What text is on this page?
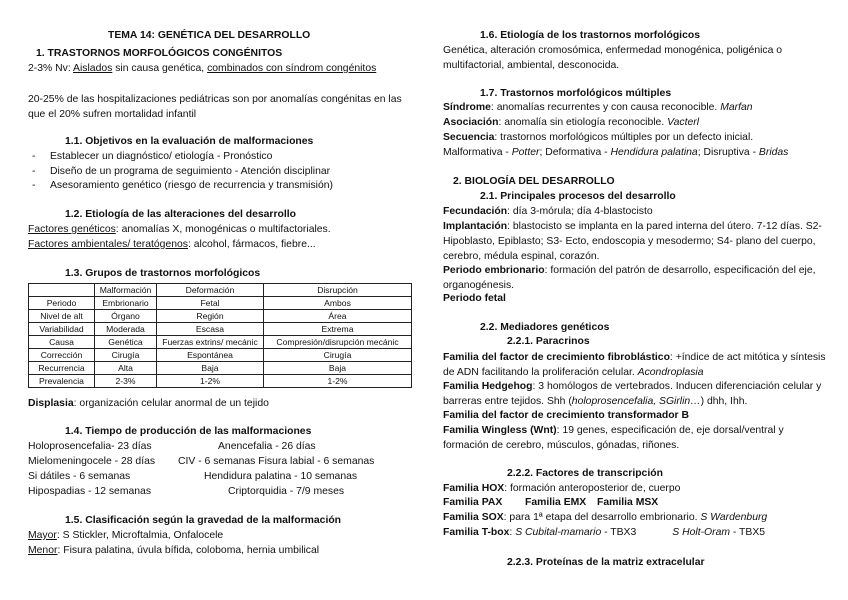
TEMA 14: GENÉTICA DEL DESARROLLO
1. TRASTORNOS MORFOLÓGICOS CONGÉNITOS
2-3% Nv: Aislados sin causa genética, combinados con síndrom congénitos
20-25% de las hospitalizaciones pediátricas son por anomalías congénitas en las que el 20% sufren mortalidad infantil
1.1. Objetivos en la evaluación de malformaciones
- Establecer un diagnóstico/ etiología - Pronóstico
- Diseño de un programa de seguimiento - Atención disciplinar
- Asesoramiento genético (riesgo de recurrencia y transmisión)
1.2. Etiología de las alteraciones del desarrollo
Factores genéticos: anomalías X, monogénicas o multifactoriales.
Factores ambientales/ teratógenos: alcohol, fármacos, fiebre...
1.3. Grupos de trastornos morfológicos
	Malformación	Deformación	Disrupción
Periodo	Embrionario	Fetal	Ambos
Nivel de alt	Órgano	Región	Área
Variabilidad	Moderada	Escasa	Extrema
Causa	Genética	Fuerzas extrins/ mecánic	Compresión/disrupción mecánic
Corrección	Cirugía	Espontánea	Cirugía
Recurrencia	Alta	Baja	Baja
Prevalencia	2-3%	1-2%	1-2%
Displasia: organización celular anormal de un tejido
1.4. Tiempo de producción de las malformaciones
Holoprosencefalia- 23 días
Mielomeningocele - 28 días
Si dátiles - 6 semanas
Hipospadias - 12 semanas
Anencefalia - 26 días
CIV - 6 semanas Fisura labial - 6 semanas
Hendidura palatina - 10 semanas
Criptorquidia - 7/9 meses
1.5. Clasificación según la gravedad de la malformación
Mayor: S Stickler, Microftalmia, Onfalocele
Menor: Fisura palatina, úvula bífida, coloboma, hernia umbilical
1.6. Etiología de los trastornos morfológicos
Genética, alteración cromosómica, enfermedad monogénica, poligénica o multifactorial, ambiental, desconocida.
1.7. Trastornos morfológicos múltiples
Síndrome: anomalías recurrentes y con causa reconocible. Marfan
Asociación: anomalía sin etiología reconocible. Vacterl
Secuencia: trastornos morfológicos múltiples por un defecto inicial.
Malformativa - Potter; Deformativa - Hendidura palatina; Disruptiva - Bridas
2. BIOLOGÍA DEL DESARROLLO
2.1. Principales procesos del desarrollo
Fecundación: día 3-mórula; día 4-blastocisto
Implantación: blastocisto se implanta en la pared interna del útero. 7-12 días. S2- Hipoblasto, Epiblasto; S3- Ecto, endoscopia y mesodermo; S4- plano del cuerpo, cerebro, médula espinal, corazón.
Periodo embrionario: formación del patrón de desarrollo, especificación del eje, organogénesis.
Periodo fetal
2.2. Mediadores genéticos
2.2.1. Paracrinos
Familia del factor de crecimiento fibroblástico: +índice de act mitótica y síntesis de ADN facilitando la proliferación celular. Acondroplasia
Familia Hedgehog: 3 homólogos de vertebrados. Inducen diferenciación celular y barreras entre tejidos. Shh (holoprosencefalia, SGirlin…) dhh, Ihh.
Familia del factor de crecimiento transformador B
Familia Wingless (Wnt): 19 genes, especificación de, eje dorsal/ventral y formación de cerebro, músculos, gónadas, riñones.
2.2.2. Factores de transcripción
Familia HOX: formación anteroposterior de, cuerpo
Familia PAX Familia EMX Familia MSX
Familia SOX: para 1ª etapa del desarrollo embrionario. S Wardenburg
Familia T-box: S Cubital-mamario - TBX3	S Holt-Oram - TBX5
2.2.3. Proteínas de la matriz extracelular
